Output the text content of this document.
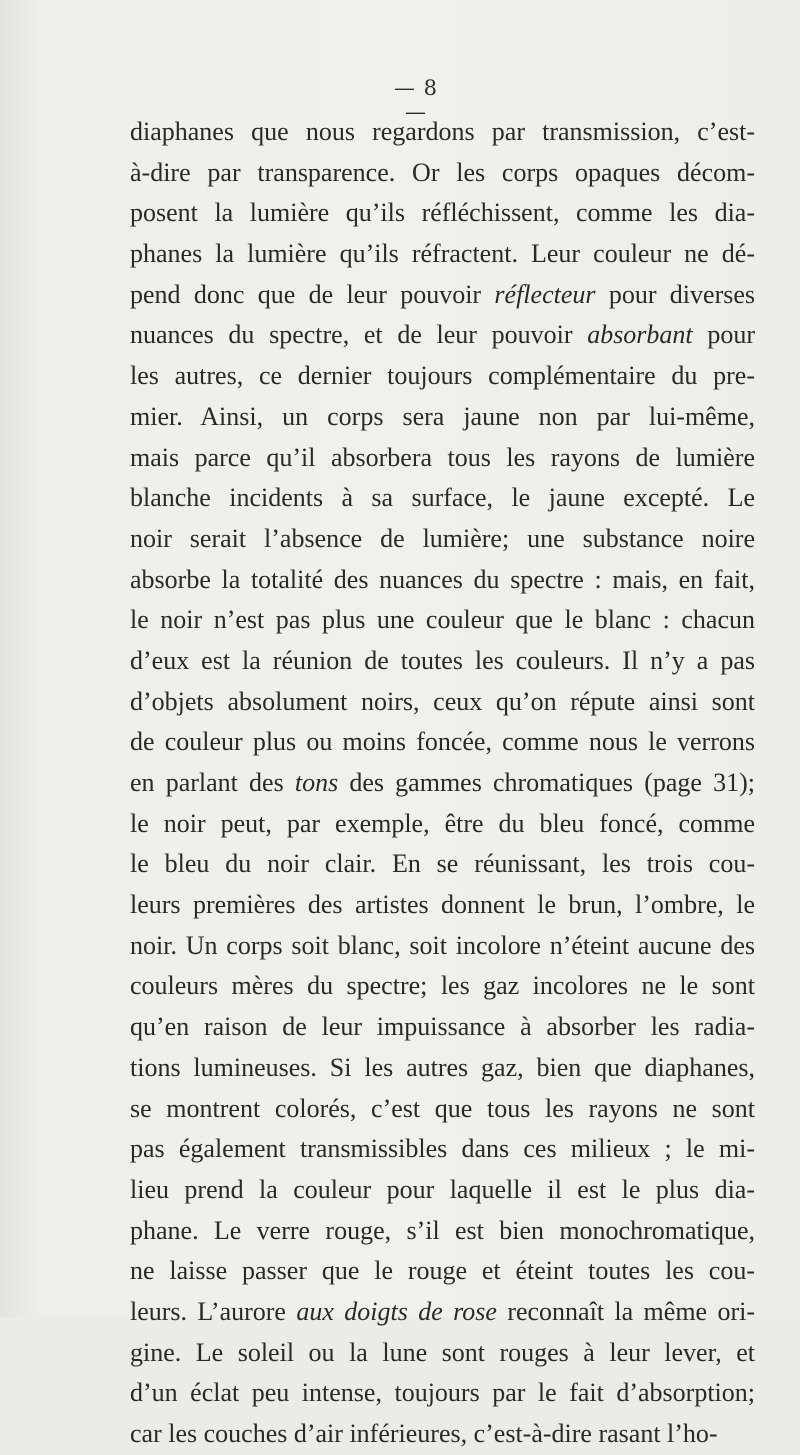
— 8 —
diaphanes que nous regardons par transmission, c’est-
à-dire par transparence. Or les corps opaques décom-
posent la lumière qu’ils réfléchissent, comme les dia-
phanes la lumière qu’ils réfractent. Leur couleur ne dé-
pend donc que de leur pouvoir réflecteur pour diverses
nuances du spectre, et de leur pouvoir absorbant pour
les autres, ce dernier toujours complémentaire du pre-
mier. Ainsi, un corps sera jaune non par lui-même,
mais parce qu’il absorbera tous les rayons de lumière
blanche incidents à sa surface, le jaune excepté. Le
noir serait l’absence de lumière; une substance noire
absorbe la totalité des nuances du spectre : mais, en fait,
le noir n’est pas plus une couleur que le blanc : chacun
d’eux est la réunion de toutes les couleurs. Il n’y a pas
d’objets absolument noirs, ceux qu’on répute ainsi sont
de couleur plus ou moins foncée, comme nous le verrons
en parlant des tons des gammes chromatiques (page 31);
le noir peut, par exemple, être du bleu foncé, comme
le bleu du noir clair. En se réunissant, les trois cou-
leurs premières des artistes donnent le brun, l’ombre, le
noir. Un corps soit blanc, soit incolore n’éteint aucune des
couleurs mères du spectre; les gaz incolores ne le sont
qu’en raison de leur impuissance à absorber les radia-
tions lumineuses. Si les autres gaz, bien que diaphanes,
se montrent colorés, c’est que tous les rayons ne sont
pas également transmissibles dans ces milieux ; le mi-
lieu prend la couleur pour laquelle il est le plus dia-
phane. Le verre rouge, s’il est bien monochromatique,
ne laisse passer que le rouge et éteint toutes les cou-
leurs. L’aurore aux doigts de rose reconnaît la même ori-
gine. Le soleil ou la lune sont rouges à leur lever, et
d’un éclat peu intense, toujours par le fait d’absorption;
car les couches d’air inférieures, c’est-à-dire rasant l’ho-
